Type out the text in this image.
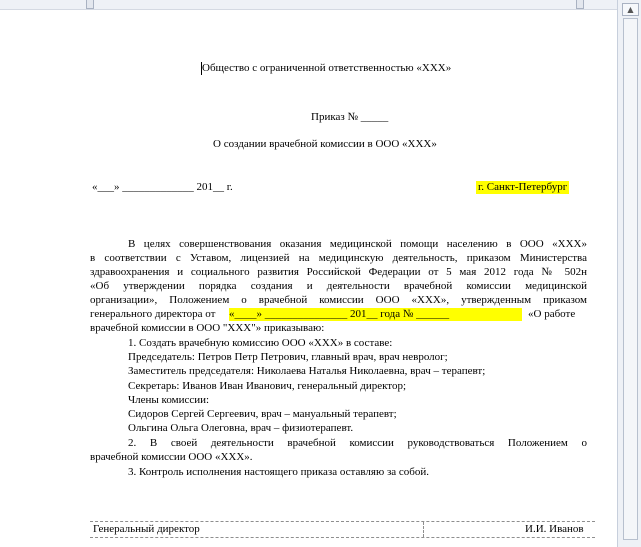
▲
Общество с ограниченной ответственностью «ХХХ»
Приказ № _____
О создании врачебной комиссии в ООО «ХХХ»
«___» _____________ 201__ г.	г. Санкт-Петербург
В целях совершенствования оказания медицинской помощи населению в ООО «ХХХ»
в соответствии с Уставом, лицензией на медицинскую деятельность, приказом Министерства
здравоохранения и социального развития Российской Федерации от 5 мая 2012 года № 502н
«Об утверждении порядка создания и деятельности врачебной комиссии медицинской
организации», Положением о врачебной комиссии ООО «ХХХ», утвержденным приказом
генерального директора от «____» _______________ 201__ года № ______	«О работе
врачебной комиссии в ООО "ХХХ"» приказываю:
1. Создать врачебную комиссию ООО «ХХХ» в составе:
Председатель: Петров Петр Петрович, главный врач, врач невролог;
Заместитель председателя: Николаева Наталья Николаевна, врач – терапевт;
Секретарь: Иванов Иван Иванович, генеральный директор;
Члены комиссии:
Сидоров Сергей Сергеевич, врач – мануальный терапевт;
Ольгина Ольга Олеговна, врач – физиотерапевт.
2. В своей деятельности врачебной комиссии руководствоваться Положением о
врачебной комиссии ООО «ХХХ».
3. Контроль исполнения настоящего приказа оставляю за собой.
Генеральный директор	И.И. Иванов
